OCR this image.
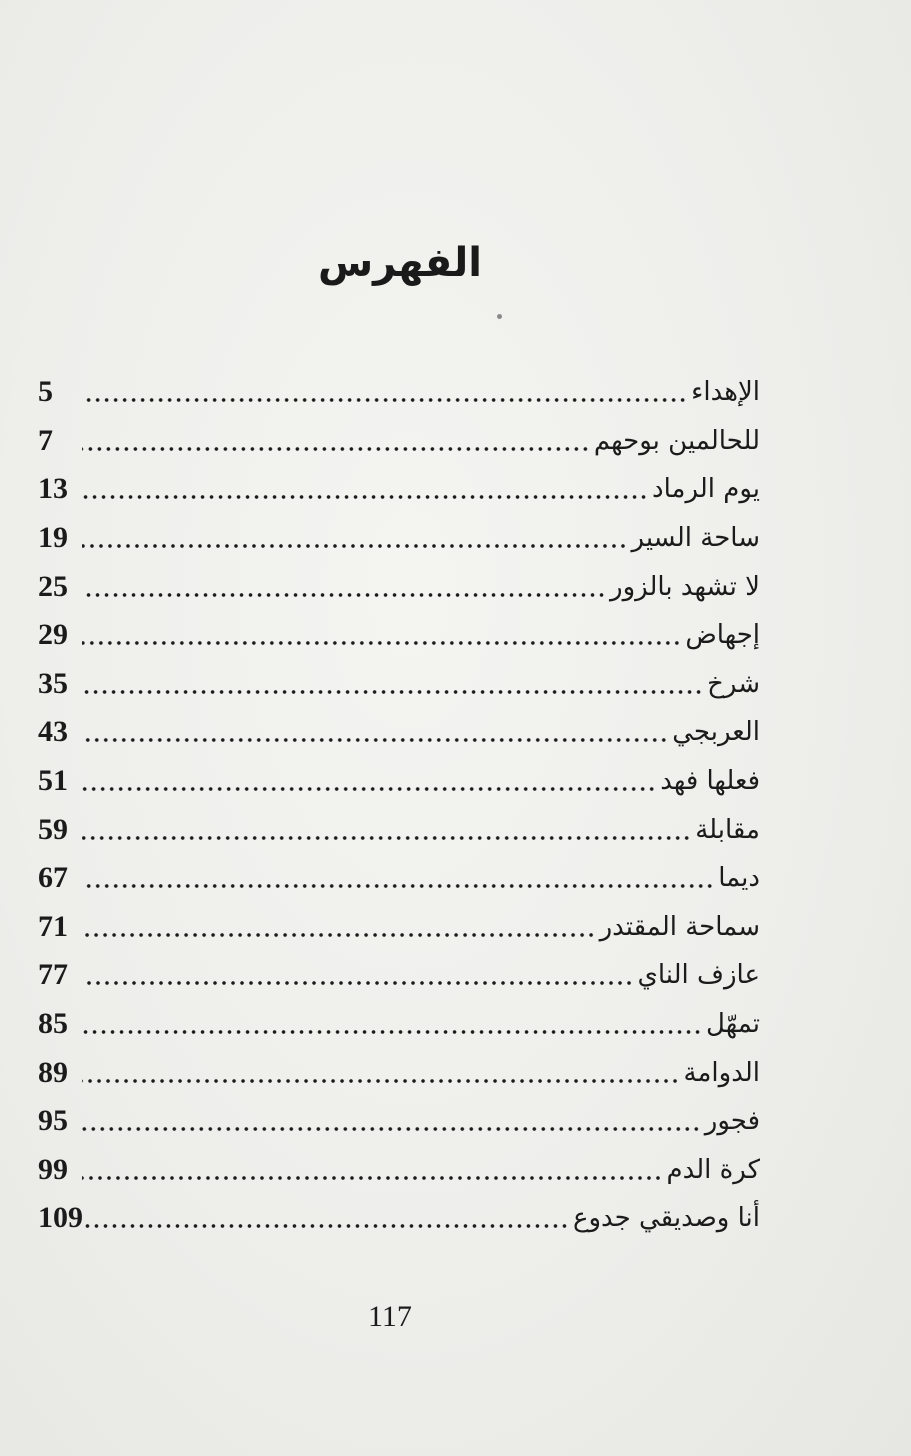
الفهرس
5	الإهداء
7	للحالمين بوحهم
13	يوم الرماد
19	ساحة السير
25	لا تشهد بالزور
29	إجهاض
35	شرخ
43	العربجي
51	فعلها فهد
59	مقابلة
67	ديما
71	سماحة المقتدر
77	عازف الناي
85	تمهّل
89	الدوامة
95	فجور
99	كرة الدم
109	أنا وصديقي جدوع
117
